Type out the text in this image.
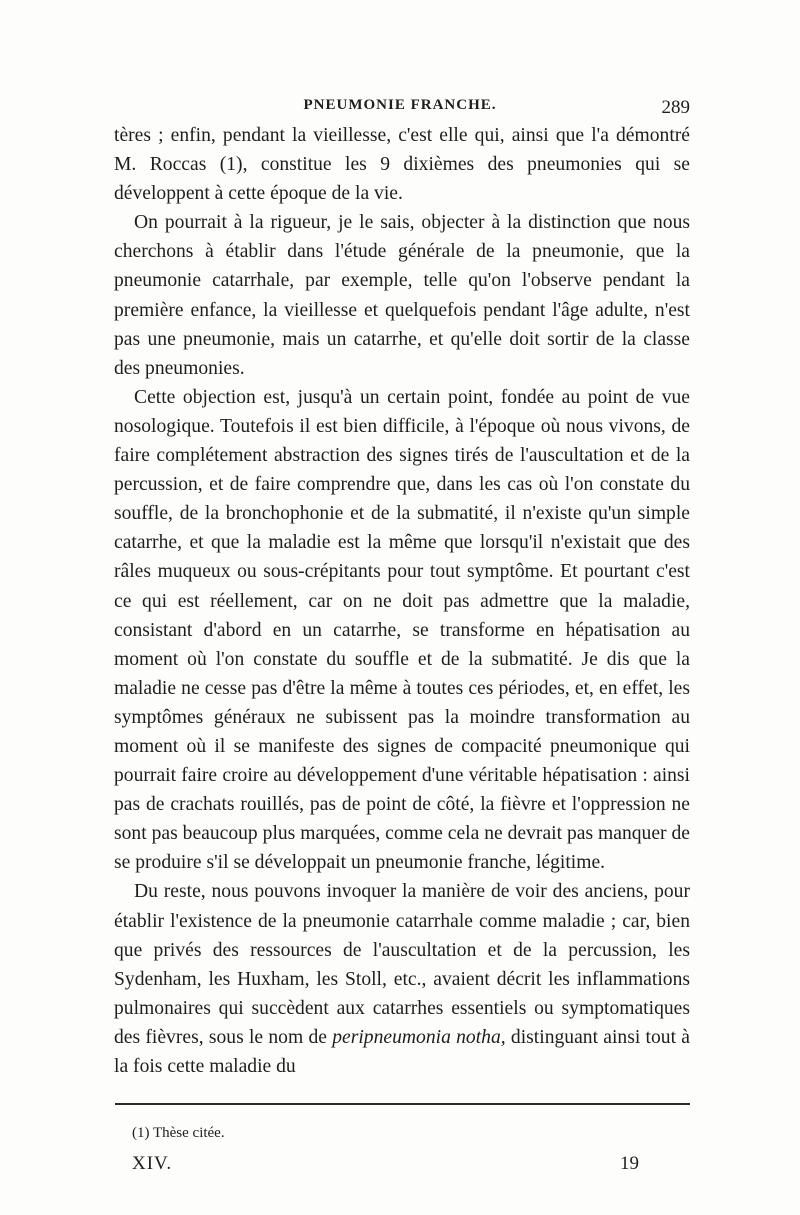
PNEUMONIE FRANCHE.	289

tères ; enfin, pendant la vieillesse, c'est elle qui, ainsi que l'a démontré M. Roccas (1), constitue les 9 dixièmes des pneumonies qui se développent à cette époque de la vie.

On pourrait à la rigueur, je le sais, objecter à la distinction que nous cherchons à établir dans l'étude générale de la pneumonie, que la pneumonie catarrhale, par exemple, telle qu'on l'observe pendant la première enfance, la vieillesse et quelquefois pendant l'âge adulte, n'est pas une pneumonie, mais un catarrhe, et qu'elle doit sortir de la classe des pneumonies.

Cette objection est, jusqu'à un certain point, fondée au point de vue nosologique. Toutefois il est bien difficile, à l'époque où nous vivons, de faire complétement abstraction des signes tirés de l'auscultation et de la percussion, et de faire comprendre que, dans les cas où l'on constate du souffle, de la bronchophonie et de la submatité, il n'existe qu'un simple catarrhe, et que la maladie est la même que lorsqu'il n'existait que des râles muqueux ou sous-crépitants pour tout symptôme. Et pourtant c'est ce qui est réellement, car on ne doit pas admettre que la maladie, consistant d'abord en un catarrhe, se transforme en hépatisation au moment où l'on constate du souffle et de la submatité. Je dis que la maladie ne cesse pas d'être la même à toutes ces périodes, et, en effet, les symptômes généraux ne subissent pas la moindre transformation au moment où il se manifeste des signes de compacité pneumonique qui pourrait faire croire au développement d'une véritable hépatisation : ainsi pas de crachats rouillés, pas de point de côté, la fièvre et l'oppression ne sont pas beaucoup plus marquées, comme cela ne devrait pas manquer de se produire s'il se développait un pneumonie franche, légitime.

Du reste, nous pouvons invoquer la manière de voir des anciens, pour établir l'existence de la pneumonie catarrhale comme maladie ; car, bien que privés des ressources de l'auscultation et de la percussion, les Sydenham, les Huxham, les Stoll, etc., avaient décrit les inflammations pulmonaires qui succèdent aux catarrhes essentiels ou symptomatiques des fièvres, sous le nom de peripneumonia notha, distinguant ainsi tout à la fois cette maladie du

(1) Thèse citée.
XIV.	19
